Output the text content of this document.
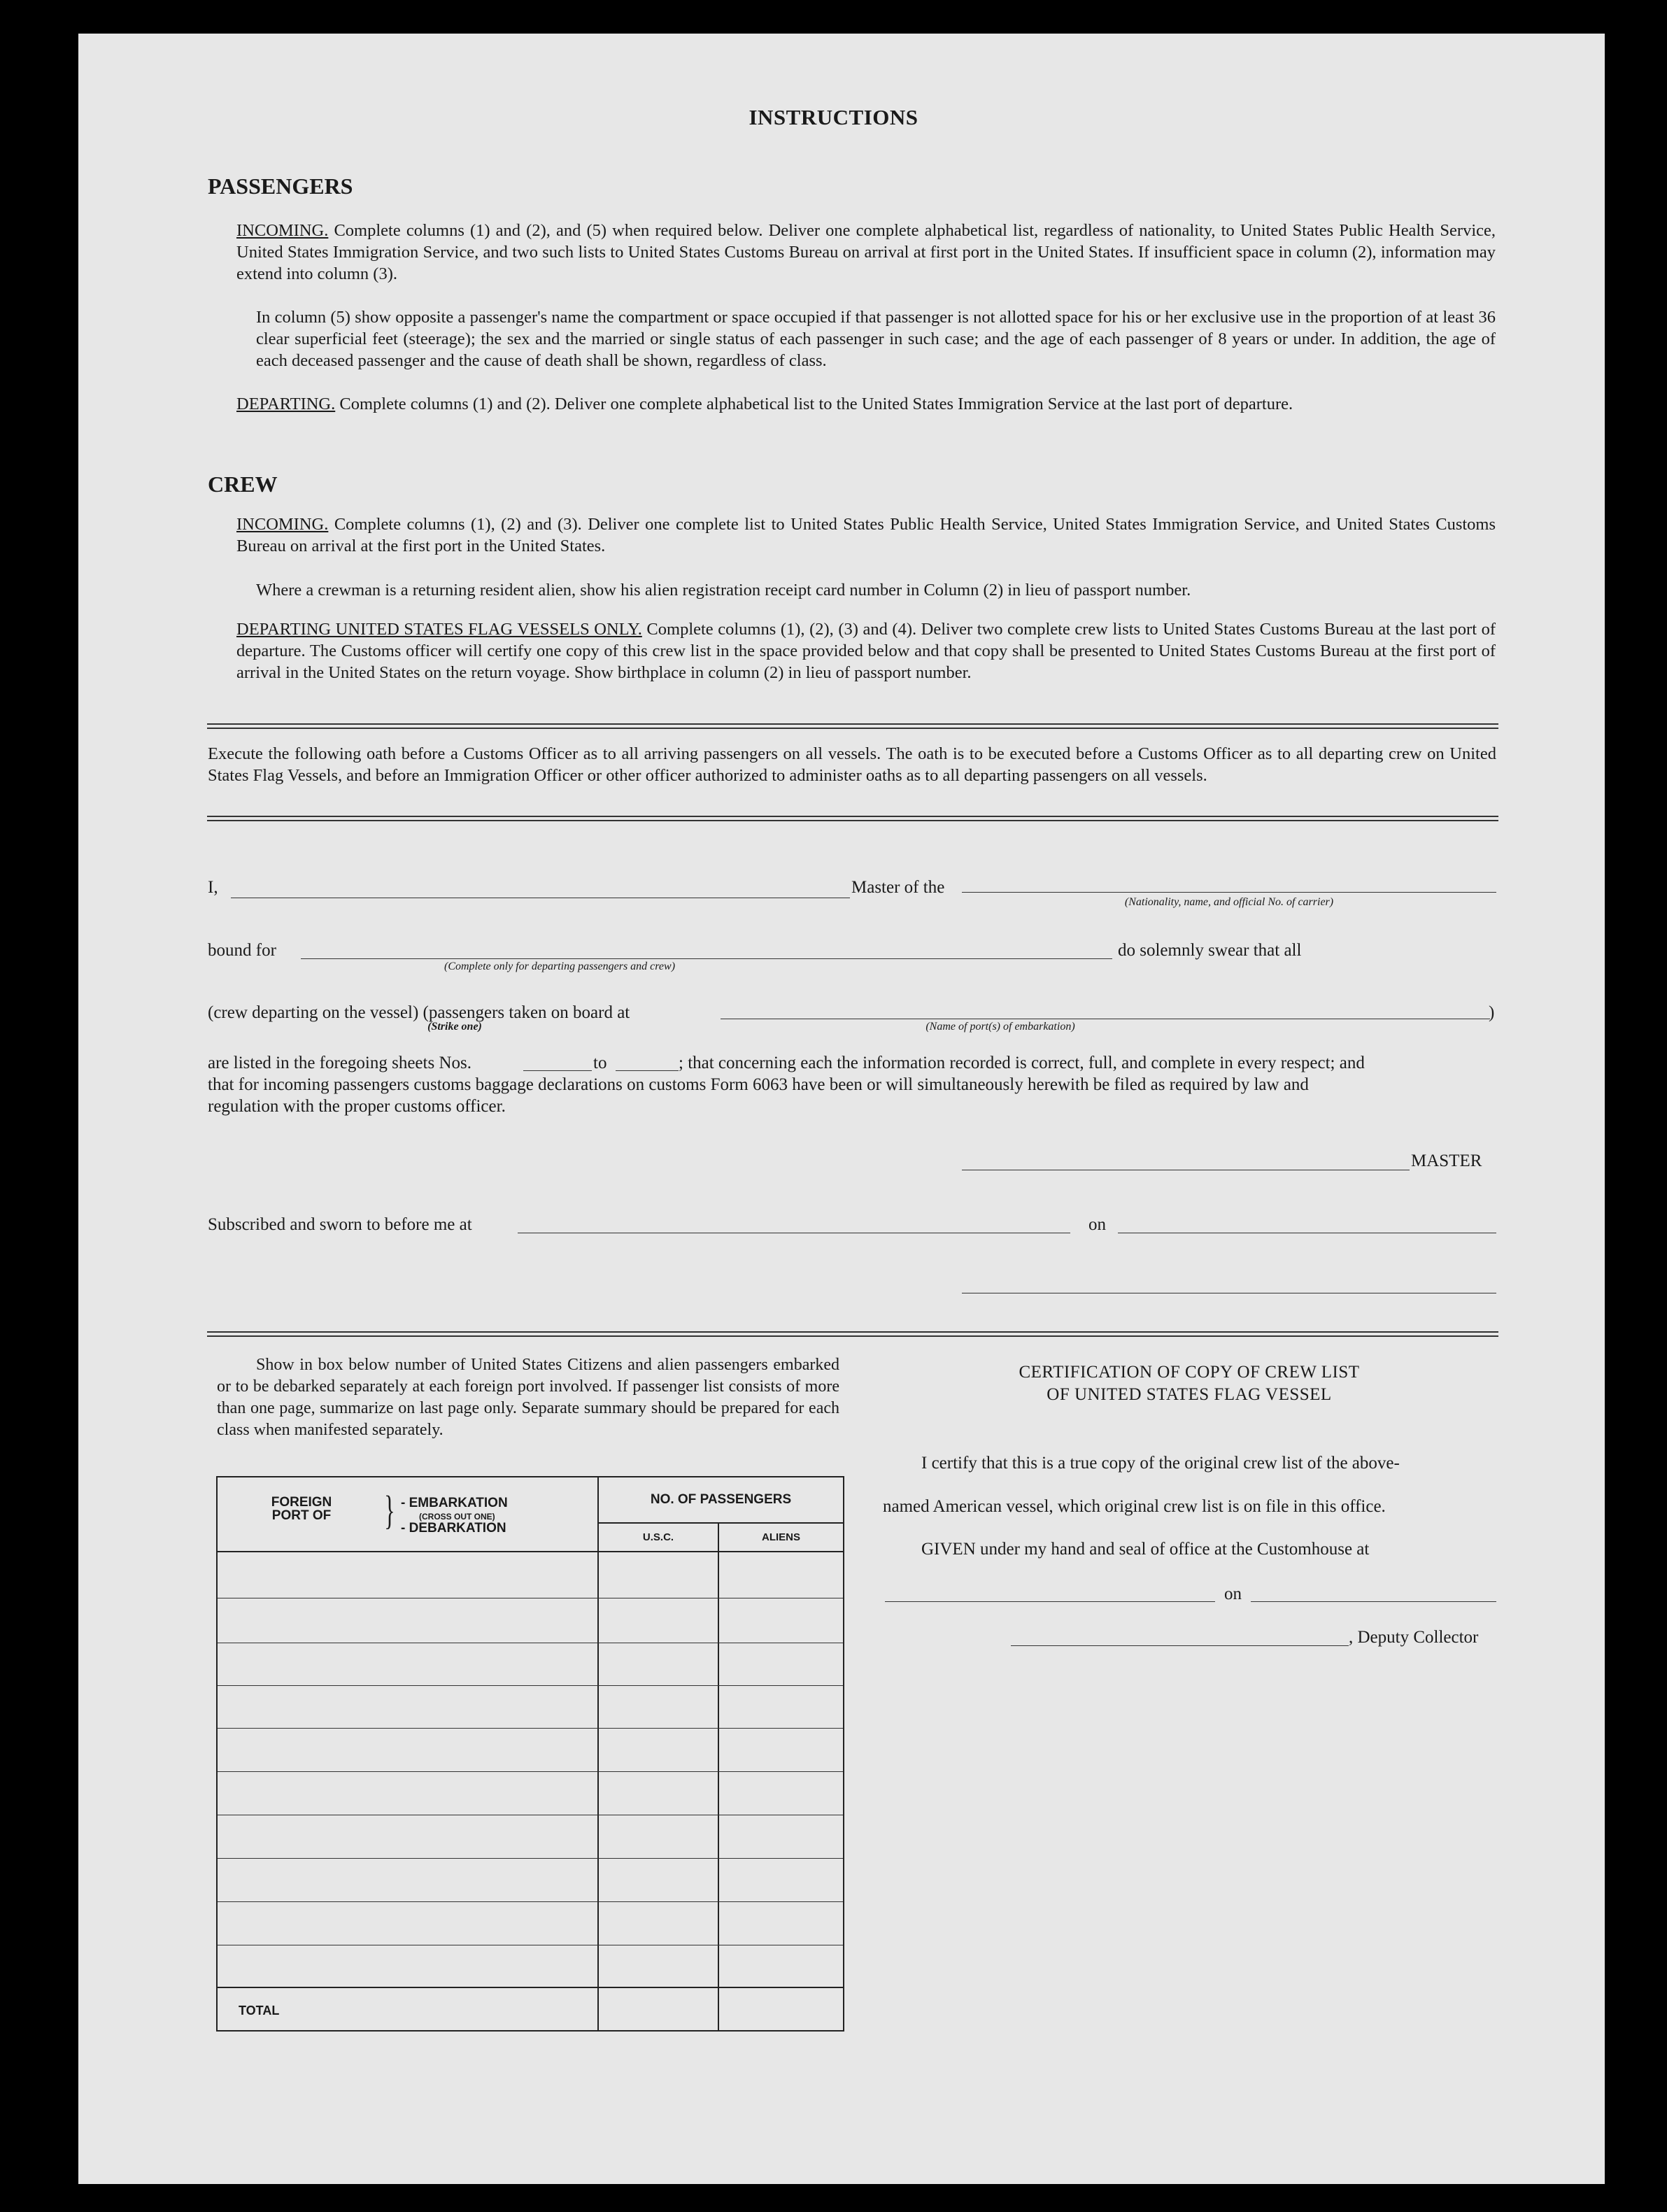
INSTRUCTIONS
PASSENGERS
INCOMING. Complete columns (1) and (2), and (5) when required below. Deliver one complete alphabetical list, regardless of nationality, to United States Public Health Service, United States Immigration Service, and two such lists to United States Customs Bureau on arrival at first port in the United States. If insufficient space in column (2), information may extend into column (3).
In column (5) show opposite a passenger's name the compartment or space occupied if that passenger is not allotted space for his or her exclusive use in the proportion of at least 36 clear superficial feet (steerage); the sex and the married or single status of each passenger in such case; and the age of each passenger of 8 years or under. In addition, the age of each deceased passenger and the cause of death shall be shown, regardless of class.
DEPARTING. Complete columns (1) and (2). Deliver one complete alphabetical list to the United States Immigration Service at the last port of departure.
CREW
INCOMING. Complete columns (1), (2) and (3). Deliver one complete list to United States Public Health Service, United States Immigration Service, and United States Customs Bureau on arrival at the first port in the United States.
Where a crewman is a returning resident alien, show his alien registration receipt card number in Column (2) in lieu of passport number.
DEPARTING UNITED STATES FLAG VESSELS ONLY. Complete columns (1), (2), (3) and (4). Deliver two complete crew lists to United States Customs Bureau at the last port of departure. The Customs officer will certify one copy of this crew list in the space provided below and that copy shall be presented to United States Customs Bureau at the first port of arrival in the United States on the return voyage. Show birthplace in column (2) in lieu of passport number.
Execute the following oath before a Customs Officer as to all arriving passengers on all vessels. The oath is to be executed before a Customs Officer as to all departing crew on United States Flag Vessels, and before an Immigration Officer or other officer authorized to administer oaths as to all departing passengers on all vessels.
I,	Master of the
(Nationality, name, and official No. of carrier)
bound for
(Complete only for departing passengers and crew)
do solemnly swear that all
(crew departing on the vessel) (passengers taken on board at
(Strike one)	(Name of port(s) of embarkation)
)
are listed in the foregoing sheets Nos.	to	; that concerning each the information recorded is correct, full, and complete in every respect; and
that for incoming passengers customs baggage declarations on customs Form 6063 have been or will simultaneously herewith be filed as required by law and
regulation with the proper customs officer.
MASTER
Subscribed and sworn to before me at	on
Show in box below number of United States Citizens and alien passengers embarked or to be debarked separately at each foreign port involved. If passenger list consists of more than one page, summarize on last page only. Separate summary should be prepared for each class when manifested separately.
FOREIGN PORT OF	} - EMBARKATION
(CROSS OUT ONE)
- DEBARKATION
NO. OF PASSENGERS
U.S.C.	ALIENS
TOTAL
CERTIFICATION OF COPY OF CREW LIST
OF UNITED STATES FLAG VESSEL
I certify that this is a true copy of the original crew list of the above-
named American vessel, which original crew list is on file in this office.
GIVEN under my hand and seal of office at the Customhouse at
on
, Deputy Collector
